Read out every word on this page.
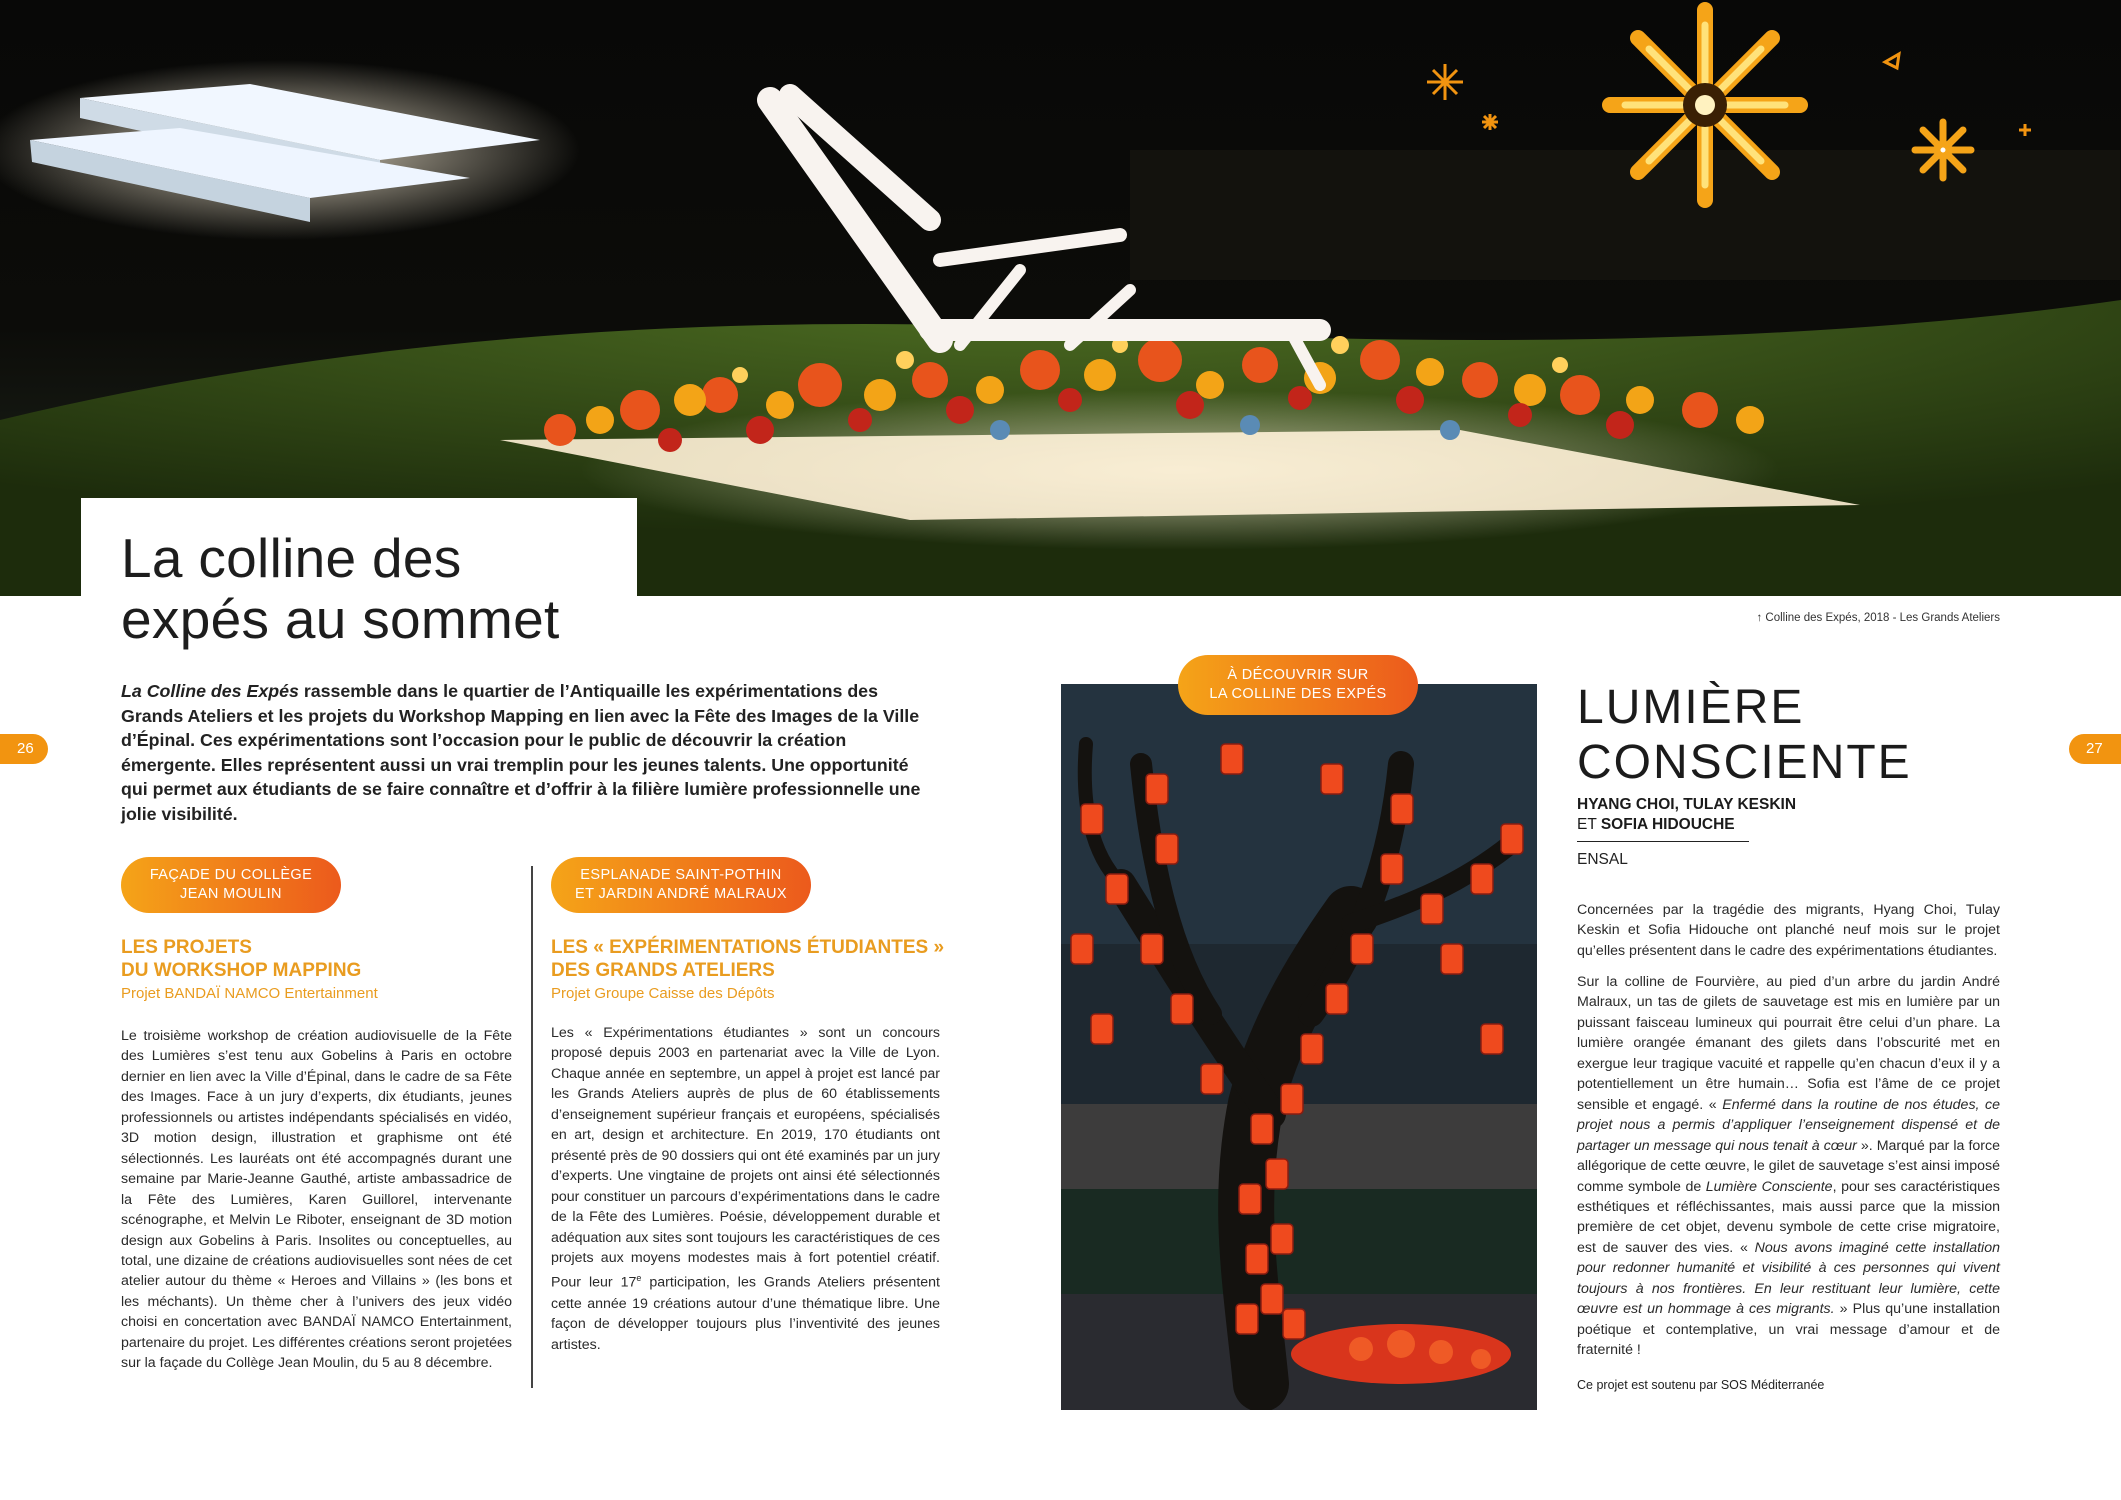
La colline des
expés au sommet	↑ Colline des Expés, 2018 - Les Grands Ateliers
26	27
La Colline des Expés rassemble dans le quartier de l’Antiquaille les expérimentations des Grands Ateliers et les projets du Workshop Mapping en lien avec la Fête des Images de la Ville d’Épinal. Ces expérimentations sont l’occasion pour le public de découvrir la création émergente. Elles représentent aussi un vrai tremplin pour les jeunes talents. Une opportunité qui permet aux étudiants de se faire connaître et d’offrir à la filière lumière professionnelle une jolie visibilité.
FAÇADE DU COLLÈGE
JEAN MOULIN
LES PROJETS
DU WORKSHOP MAPPING
Projet BANDAÏ NAMCO Entertainment
Le troisième workshop de création audiovisuelle de la Fête des Lumières s’est tenu aux Gobelins à Paris en octobre dernier en lien avec la Ville d’Épinal, dans le cadre de sa Fête des Images. Face à un jury d’experts, dix étudiants, jeunes professionnels ou artistes indépendants spécialisés en vidéo, 3D motion design, illustration et graphisme ont été sélectionnés. Les lauréats ont été accompagnés durant une semaine par Marie-Jeanne Gauthé, artiste ambassadrice de la Fête des Lumières, Karen Guillorel, intervenante scénographe, et Melvin Le Riboter, enseignant de 3D motion design aux Gobelins à Paris. Insolites ou conceptuelles, au total, une dizaine de créations audiovisuelles sont nées de cet atelier autour du thème « Heroes and Villains » (les bons et les méchants). Un thème cher à l’univers des jeux vidéo choisi en concertation avec BANDAÏ NAMCO Entertainment, partenaire du projet. Les différentes créations seront projetées sur la façade du Collège Jean Moulin, du 5 au 8 décembre.
ESPLANADE SAINT-POTHIN
ET JARDIN ANDRÉ MALRAUX
LES « EXPÉRIMENTATIONS ÉTUDIANTES »
DES GRANDS ATELIERS
Projet Groupe Caisse des Dépôts
Les « Expérimentations étudiantes » sont un concours proposé depuis 2003 en partenariat avec la Ville de Lyon. Chaque année en septembre, un appel à projet est lancé par les Grands Ateliers auprès de plus de 60 établissements d’enseignement supérieur français et européens, spécialisés en art, design et architecture. En 2019, 170 étudiants ont présenté près de 90 dossiers qui ont été examinés par un jury d’experts. Une vingtaine de projets ont ainsi été sélectionnés pour constituer un parcours d’expérimentations dans le cadre de la Fête des Lumières. Poésie, développement durable et adéquation aux sites sont toujours les caractéristiques de ces projets aux moyens modestes mais à fort potentiel créatif. Pour leur 17e participation, les Grands Ateliers présentent cette année 19 créations autour d’une thématique libre. Une façon de développer toujours plus l’inventivité des jeunes artistes.
À DÉCOUVRIR SUR
LA COLLINE DES EXPÉS	LUMIÈRE
CONSCIENTE
HYANG CHOI, TULAY KESKIN
ET SOFIA HIDOUCHE
ENSAL
Concernées par la tragédie des migrants, Hyang Choi, Tulay Keskin et Sofia Hidouche ont planché neuf mois sur le projet qu’elles présentent dans le cadre des expérimentations étudiantes.
Sur la colline de Fourvière, au pied d’un arbre du jardin André Malraux, un tas de gilets de sauvetage est mis en lumière par un puissant faisceau lumineux qui pourrait être celui d’un phare. La lumière orangée émanant des gilets dans l’obscurité met en exergue leur tragique vacuité et rappelle qu’en chacun d’eux il y a potentiellement un être humain… Sofia est l’âme de ce projet sensible et engagé. « Enfermé dans la routine de nos études, ce projet nous a permis d’appliquer l’enseignement dispensé et de partager un message qui nous tenait à cœur ». Marqué par la force allégorique de cette œuvre, le gilet de sauvetage s’est ainsi imposé comme symbole de Lumière Consciente, pour ses caractéristiques esthétiques et réfléchissantes, mais aussi parce que la mission première de cet objet, devenu symbole de cette crise migratoire, est de sauver des vies. « Nous avons imaginé cette installation pour redonner humanité et visibilité à ces personnes qui vivent toujours à nos frontières. En leur restituant leur lumière, cette œuvre est un hommage à ces migrants. » Plus qu’une installation poétique et contemplative, un vrai message d’amour et de fraternité !
Ce projet est soutenu par SOS Méditerranée
